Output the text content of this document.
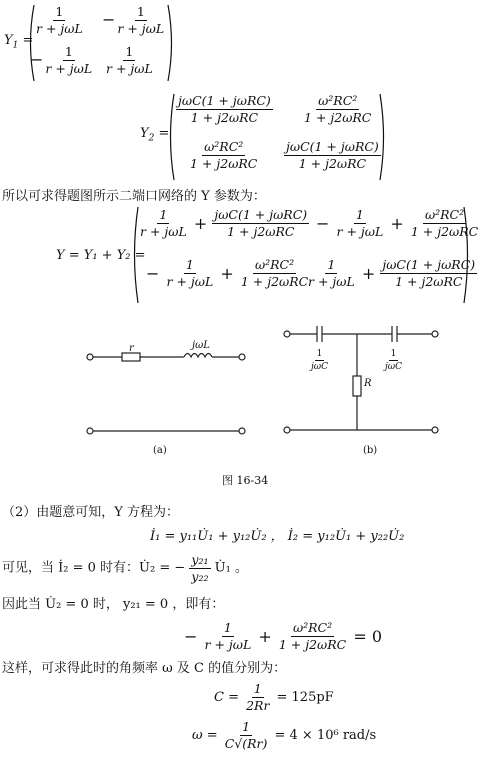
$Y_1$ =
$\frac{1}{\text{r + jωL}} - \frac{1}{\text{r + jωL}}$
− $\frac{1}{\text{r + jωL}} \frac{1}{\text{r + jωL}}$
$Y_2$ =
$\frac{\text{jωC(1 + jωRC)}}{\text{1 + j2ωRC}} \frac{\text{ω²RC²}}{\text{1 + j2ωRC}}$
$\frac{\text{ω²RC²}}{\text{1 + j2ωRC}} \frac{\text{jωC(1 + jωRC)}}{\text{1 + j2ωRC}}$
所以可求得题图所示二端口网络的 Y 参数为：
Y = Y₁ + Y₂ =
$\frac{1}{\text{r + jωL}} + \frac{\text{jωC(1 + jωRC)}}{\text{1 + j2ωRC}} - \frac{1}{\text{r + jωL}} + \frac{\text{ω²RC²}}{\text{1 + j2ωRC}}$
− $\frac{1}{\text{r + jωL}} + \frac{\text{ω²RC²}}{\text{1 + j2ωRC}}$
$\frac{1}{\text{r + jωL}} + \frac{\text{jωC(1 + jωRC)}}{\text{1 + j2ωRC}}$
r	jωL
(a)
$\frac{1}{\text{jωC}}$	$\frac{1}{\text{jωC}}$
R
(b)
图 16-34
（2）由题意可知，Y 方程为：
İ₁ = y₁₁U̇₁ + y₁₂U̇₂ ， İ₂ = y₁₂U̇₁ + y₂₂U̇₂
可见，当 İ₂ = 0 时有：U̇₂ = − $\frac{\text{y₂₁}}{\text{y₂₂}}$ U̇₁ 。
因此当 U̇₂ = 0 时， y₂₁ = 0 ，即有：
− $\frac{1}{\text{r + jωL}} + \frac{\text{ω²RC²}}{\text{1 + j2ωRC}} = 0$
这样，可求得此时的角频率 ω 及 C 的值分别为：
$C = \frac{1}{2Rr} = 125pF$
$\omega = \frac{1}{C√(Rr)} = 4 \times 10^6$ rad/s
